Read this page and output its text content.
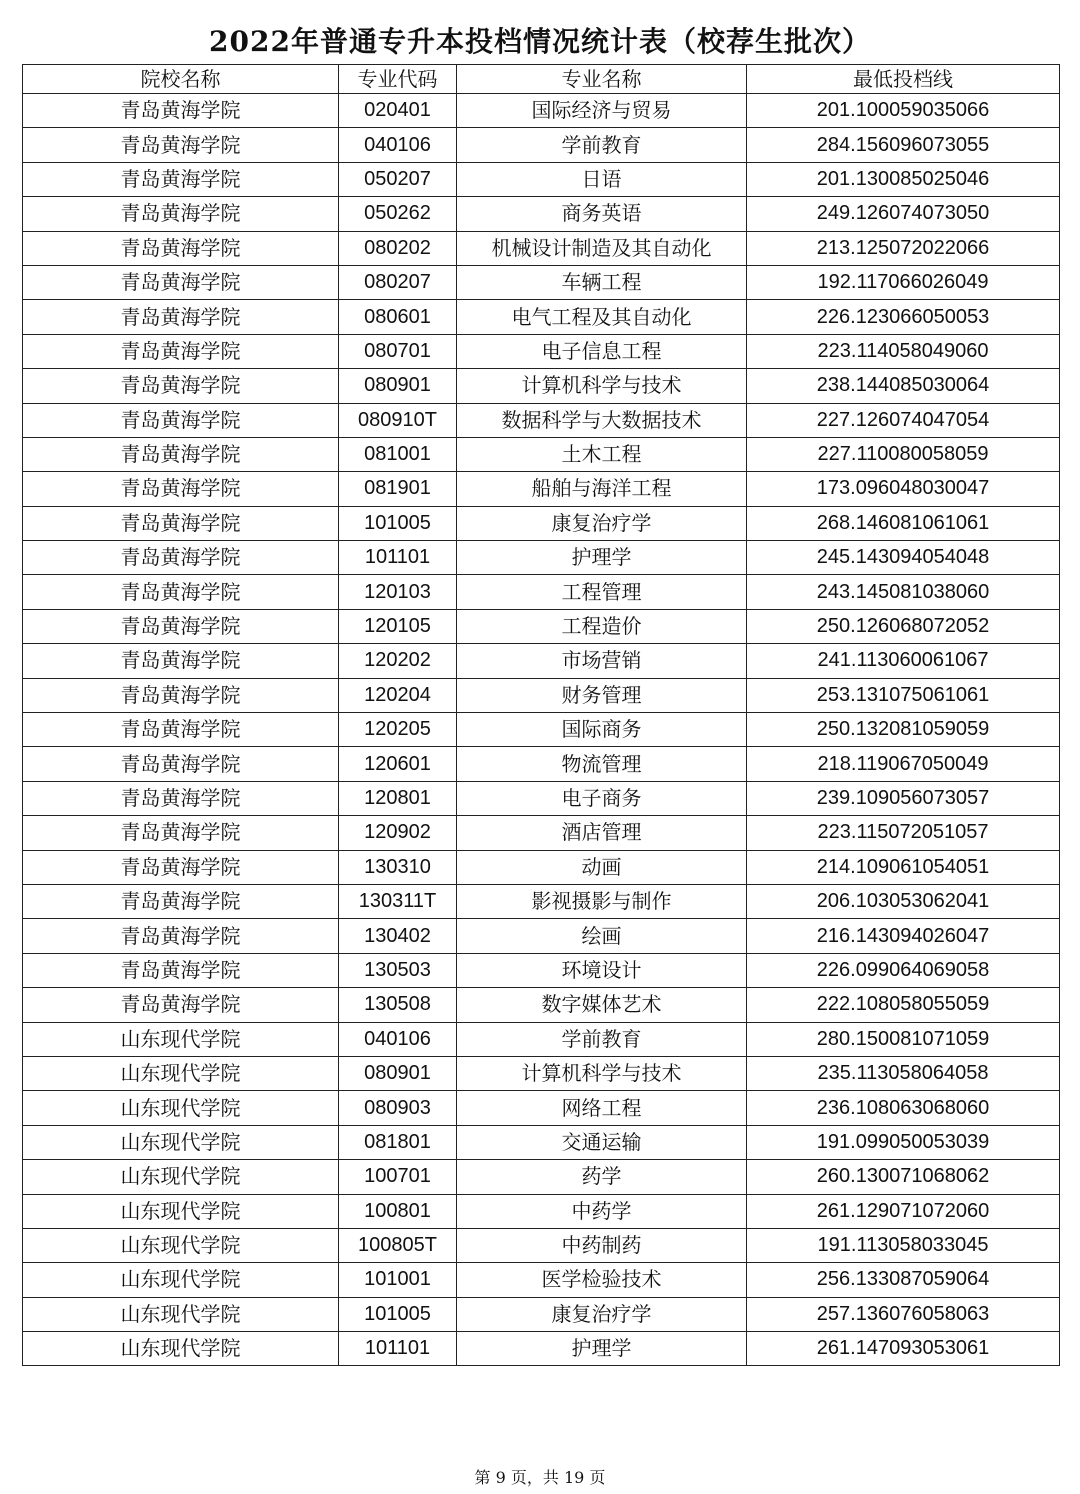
2022年普通专升本投档情况统计表（校荐生批次）
院校名称	专业代码	专业名称	最低投档线
青岛黄海学院	020401	国际经济与贸易	201.100059035066
青岛黄海学院	040106	学前教育	284.156096073055
青岛黄海学院	050207	日语	201.130085025046
青岛黄海学院	050262	商务英语	249.126074073050
青岛黄海学院	080202	机械设计制造及其自动化	213.125072022066
青岛黄海学院	080207	车辆工程	192.117066026049
青岛黄海学院	080601	电气工程及其自动化	226.123066050053
青岛黄海学院	080701	电子信息工程	223.114058049060
青岛黄海学院	080901	计算机科学与技术	238.144085030064
青岛黄海学院	080910T	数据科学与大数据技术	227.126074047054
青岛黄海学院	081001	土木工程	227.110080058059
青岛黄海学院	081901	船舶与海洋工程	173.096048030047
青岛黄海学院	101005	康复治疗学	268.146081061061
青岛黄海学院	101101	护理学	245.143094054048
青岛黄海学院	120103	工程管理	243.145081038060
青岛黄海学院	120105	工程造价	250.126068072052
青岛黄海学院	120202	市场营销	241.113060061067
青岛黄海学院	120204	财务管理	253.131075061061
青岛黄海学院	120205	国际商务	250.132081059059
青岛黄海学院	120601	物流管理	218.119067050049
青岛黄海学院	120801	电子商务	239.109056073057
青岛黄海学院	120902	酒店管理	223.115072051057
青岛黄海学院	130310	动画	214.109061054051
青岛黄海学院	130311T	影视摄影与制作	206.103053062041
青岛黄海学院	130402	绘画	216.143094026047
青岛黄海学院	130503	环境设计	226.099064069058
青岛黄海学院	130508	数字媒体艺术	222.108058055059
山东现代学院	040106	学前教育	280.150081071059
山东现代学院	080901	计算机科学与技术	235.113058064058
山东现代学院	080903	网络工程	236.108063068060
山东现代学院	081801	交通运输	191.099050053039
山东现代学院	100701	药学	260.130071068062
山东现代学院	100801	中药学	261.129071072060
山东现代学院	100805T	中药制药	191.113058033045
山东现代学院	101001	医学检验技术	256.133087059064
山东现代学院	101005	康复治疗学	257.136076058063
山东现代学院	101101	护理学	261.147093053061
第 9 页，共 19 页
